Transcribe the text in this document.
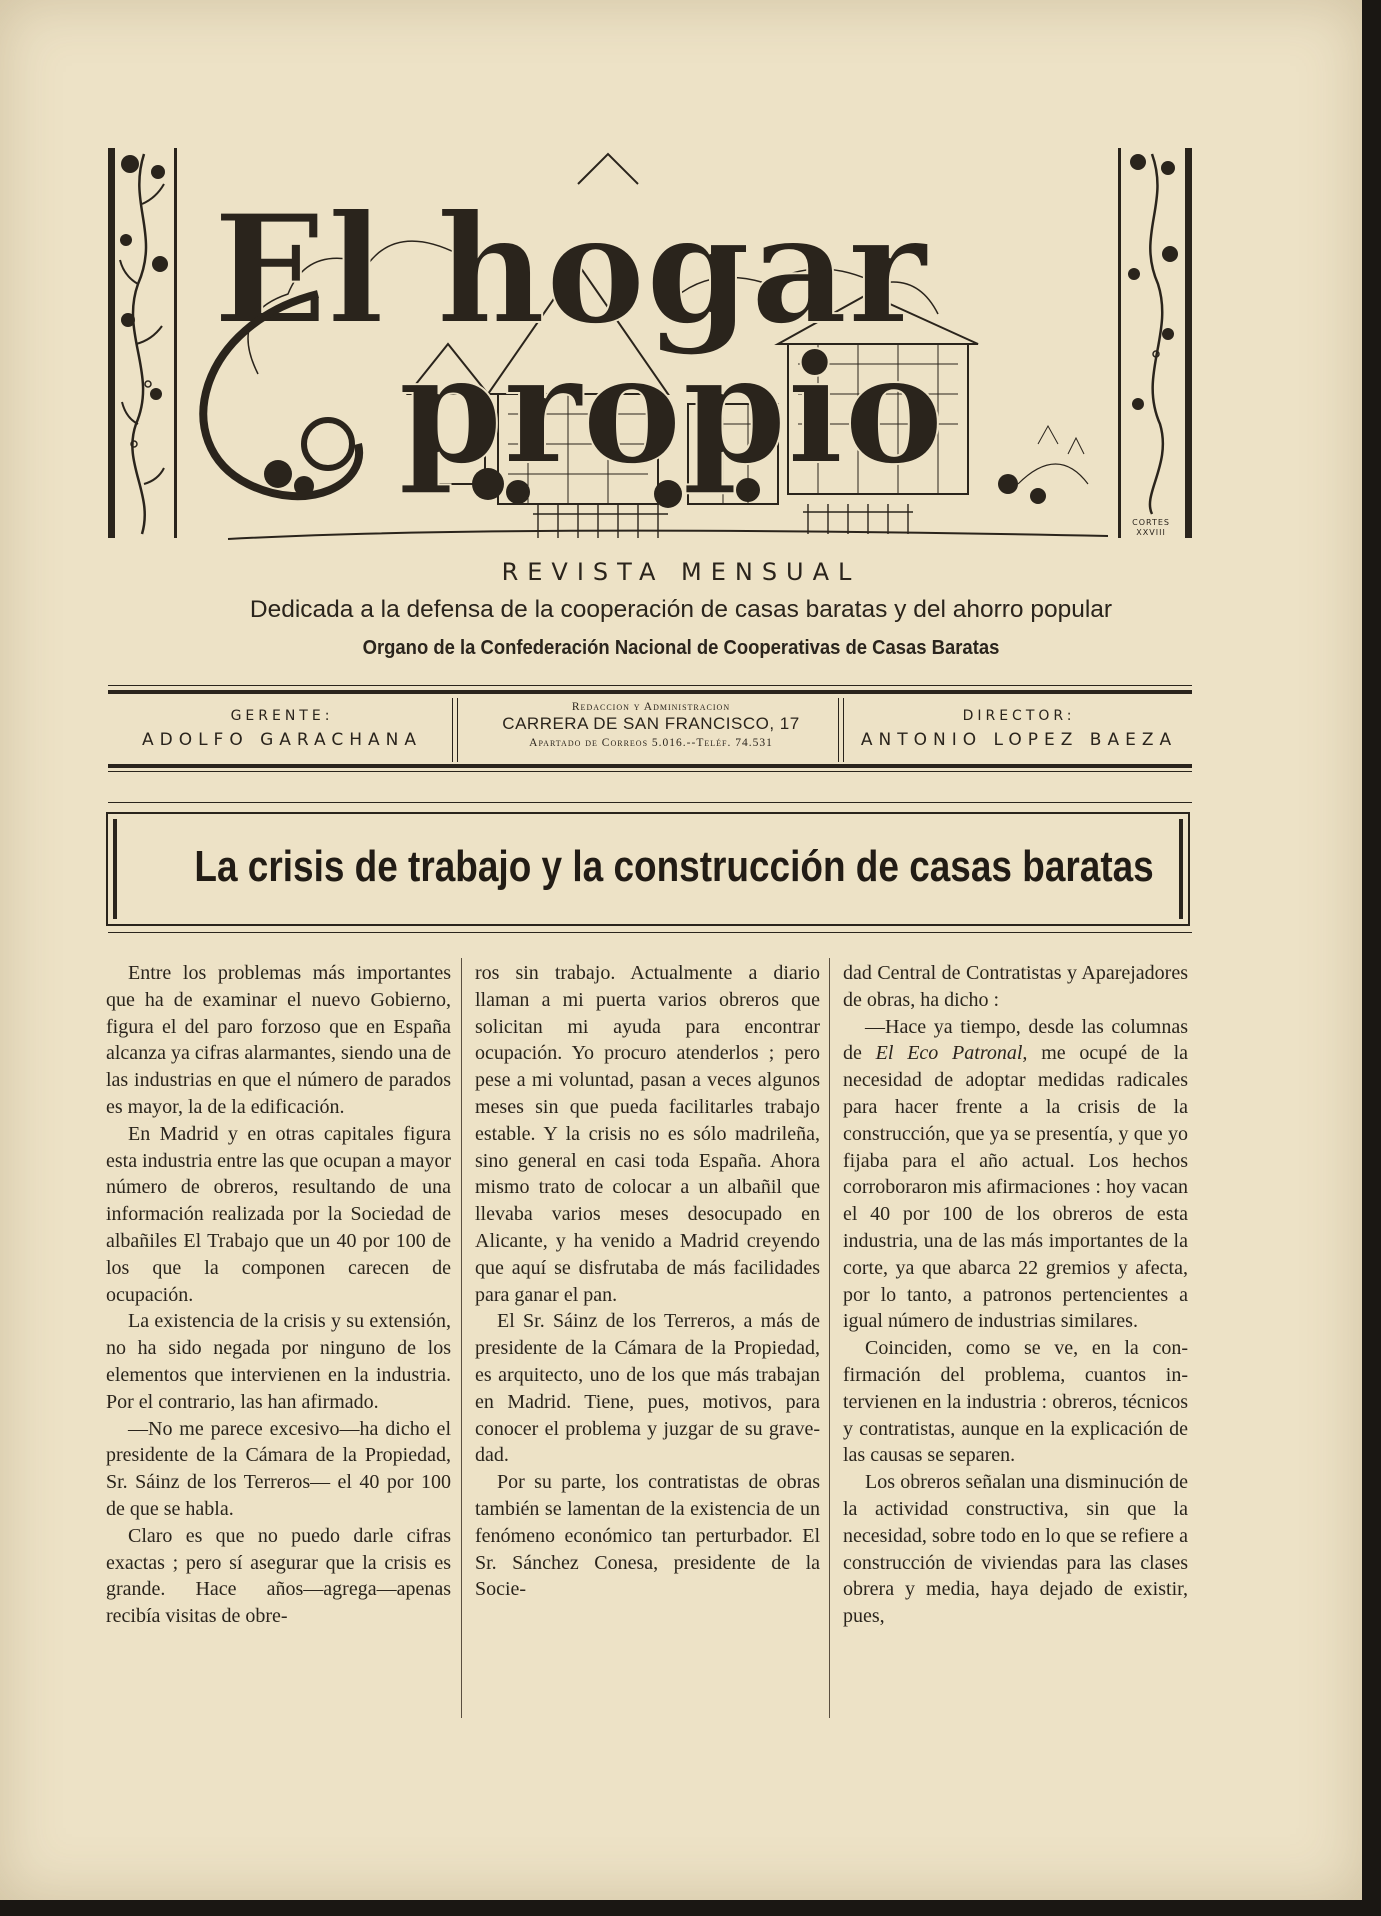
El hogar
propio
CORTES
XXVIII
REVISTA MENSUAL
Dedicada a la defensa de la cooperación de casas baratas y del ahorro popular
Organo de la Confederación Nacional de Cooperativas de Casas Baratas
GERENTE:
ADOLFO GARACHANA
Redaccion y Administracion
CARRERA DE SAN FRANCISCO, 17
Apartado de Correos 5.016.--Teléf. 74.531
DIRECTOR:
ANTONIO LOPEZ BAEZA
La crisis de trabajo y la construcción de casas baratas

Entre los problemas más importantes que ha de examinar el nuevo Gobierno, figura el del paro forzoso que en España alcanza ya cifras alarmantes, siendo una de las industrias en que el número de parados es mayor, la de la edificación.

En Madrid y en otras capitales figura esta industria entre las que ocupan a mayor número de obreros, resultando de una información realizada por la Sociedad de albañiles El Trabajo que un 40 por 100 de los que la componen carecen de ocupación.

La existencia de la crisis y su extensión, no ha sido negada por ninguno de los elementos que intervienen en la industria. Por el contrario, las han afirmado.

—No me parece excesivo—ha dicho el presidente de la Cámara de la Propiedad, Sr. Sáinz de los Terreros— el 40 por 100 de que se habla.

Claro es que no puedo darle cifras exactas ; pero sí asegurar que la crisis es grande. Hace años—agrega—apenas recibía visitas de obre-

ros sin trabajo. Actualmente a diario llaman a mi puerta varios obreros que solicitan mi ayuda para encontrar ocupación. Yo procuro atenderlos ; pero pese a mi voluntad, pasan a veces algunos meses sin que pueda facilitarles trabajo estable. Y la crisis no es sólo madrileña, sino general en casi toda España. Ahora mismo trato de colocar a un albañil que llevaba varios meses desocupado en Alicante, y ha venido a Madrid creyendo que aquí se disfrutaba de más facilidades para ganar el pan.

El Sr. Sáinz de los Terreros, a más de presidente de la Cámara de la Propiedad, es arquitecto, uno de los que más trabajan en Madrid. Tiene, pues, motivos, para conocer el problema y juzgar de su gravedad.

Por su parte, los contratistas de obras también se lamentan de la existencia de un fenómeno económico tan perturbador. El Sr. Sánchez Conesa, presidente de la Socie-

dad Central de Contratistas y Aparejadores de obras, ha dicho :

—Hace ya tiempo, desde las columnas de El Eco Patronal, me ocupé de la necesidad de adoptar medidas radicales para hacer frente a la crisis de la construcción, que ya se presentía, y que yo fijaba para el año actual. Los hechos corroboraron mis afirmaciones : hoy vacan el 40 por 100 de los obreros de esta industria, una de las más importantes de la corte, ya que abarca 22 gremios y afecta, por lo tanto, a patronos pertencientes a igual número de industrias similares.

Coinciden, como se ve, en la confirmación del problema, cuantos intervienen en la industria : obreros, técnicos y contratistas, aunque en la explicación de las causas se separen.

Los obreros señalan una disminución de la actividad constructiva, sin que la necesidad, sobre todo en lo que se refiere a construcción de viviendas para las clases obrera y media, haya dejado de existir, pues,
